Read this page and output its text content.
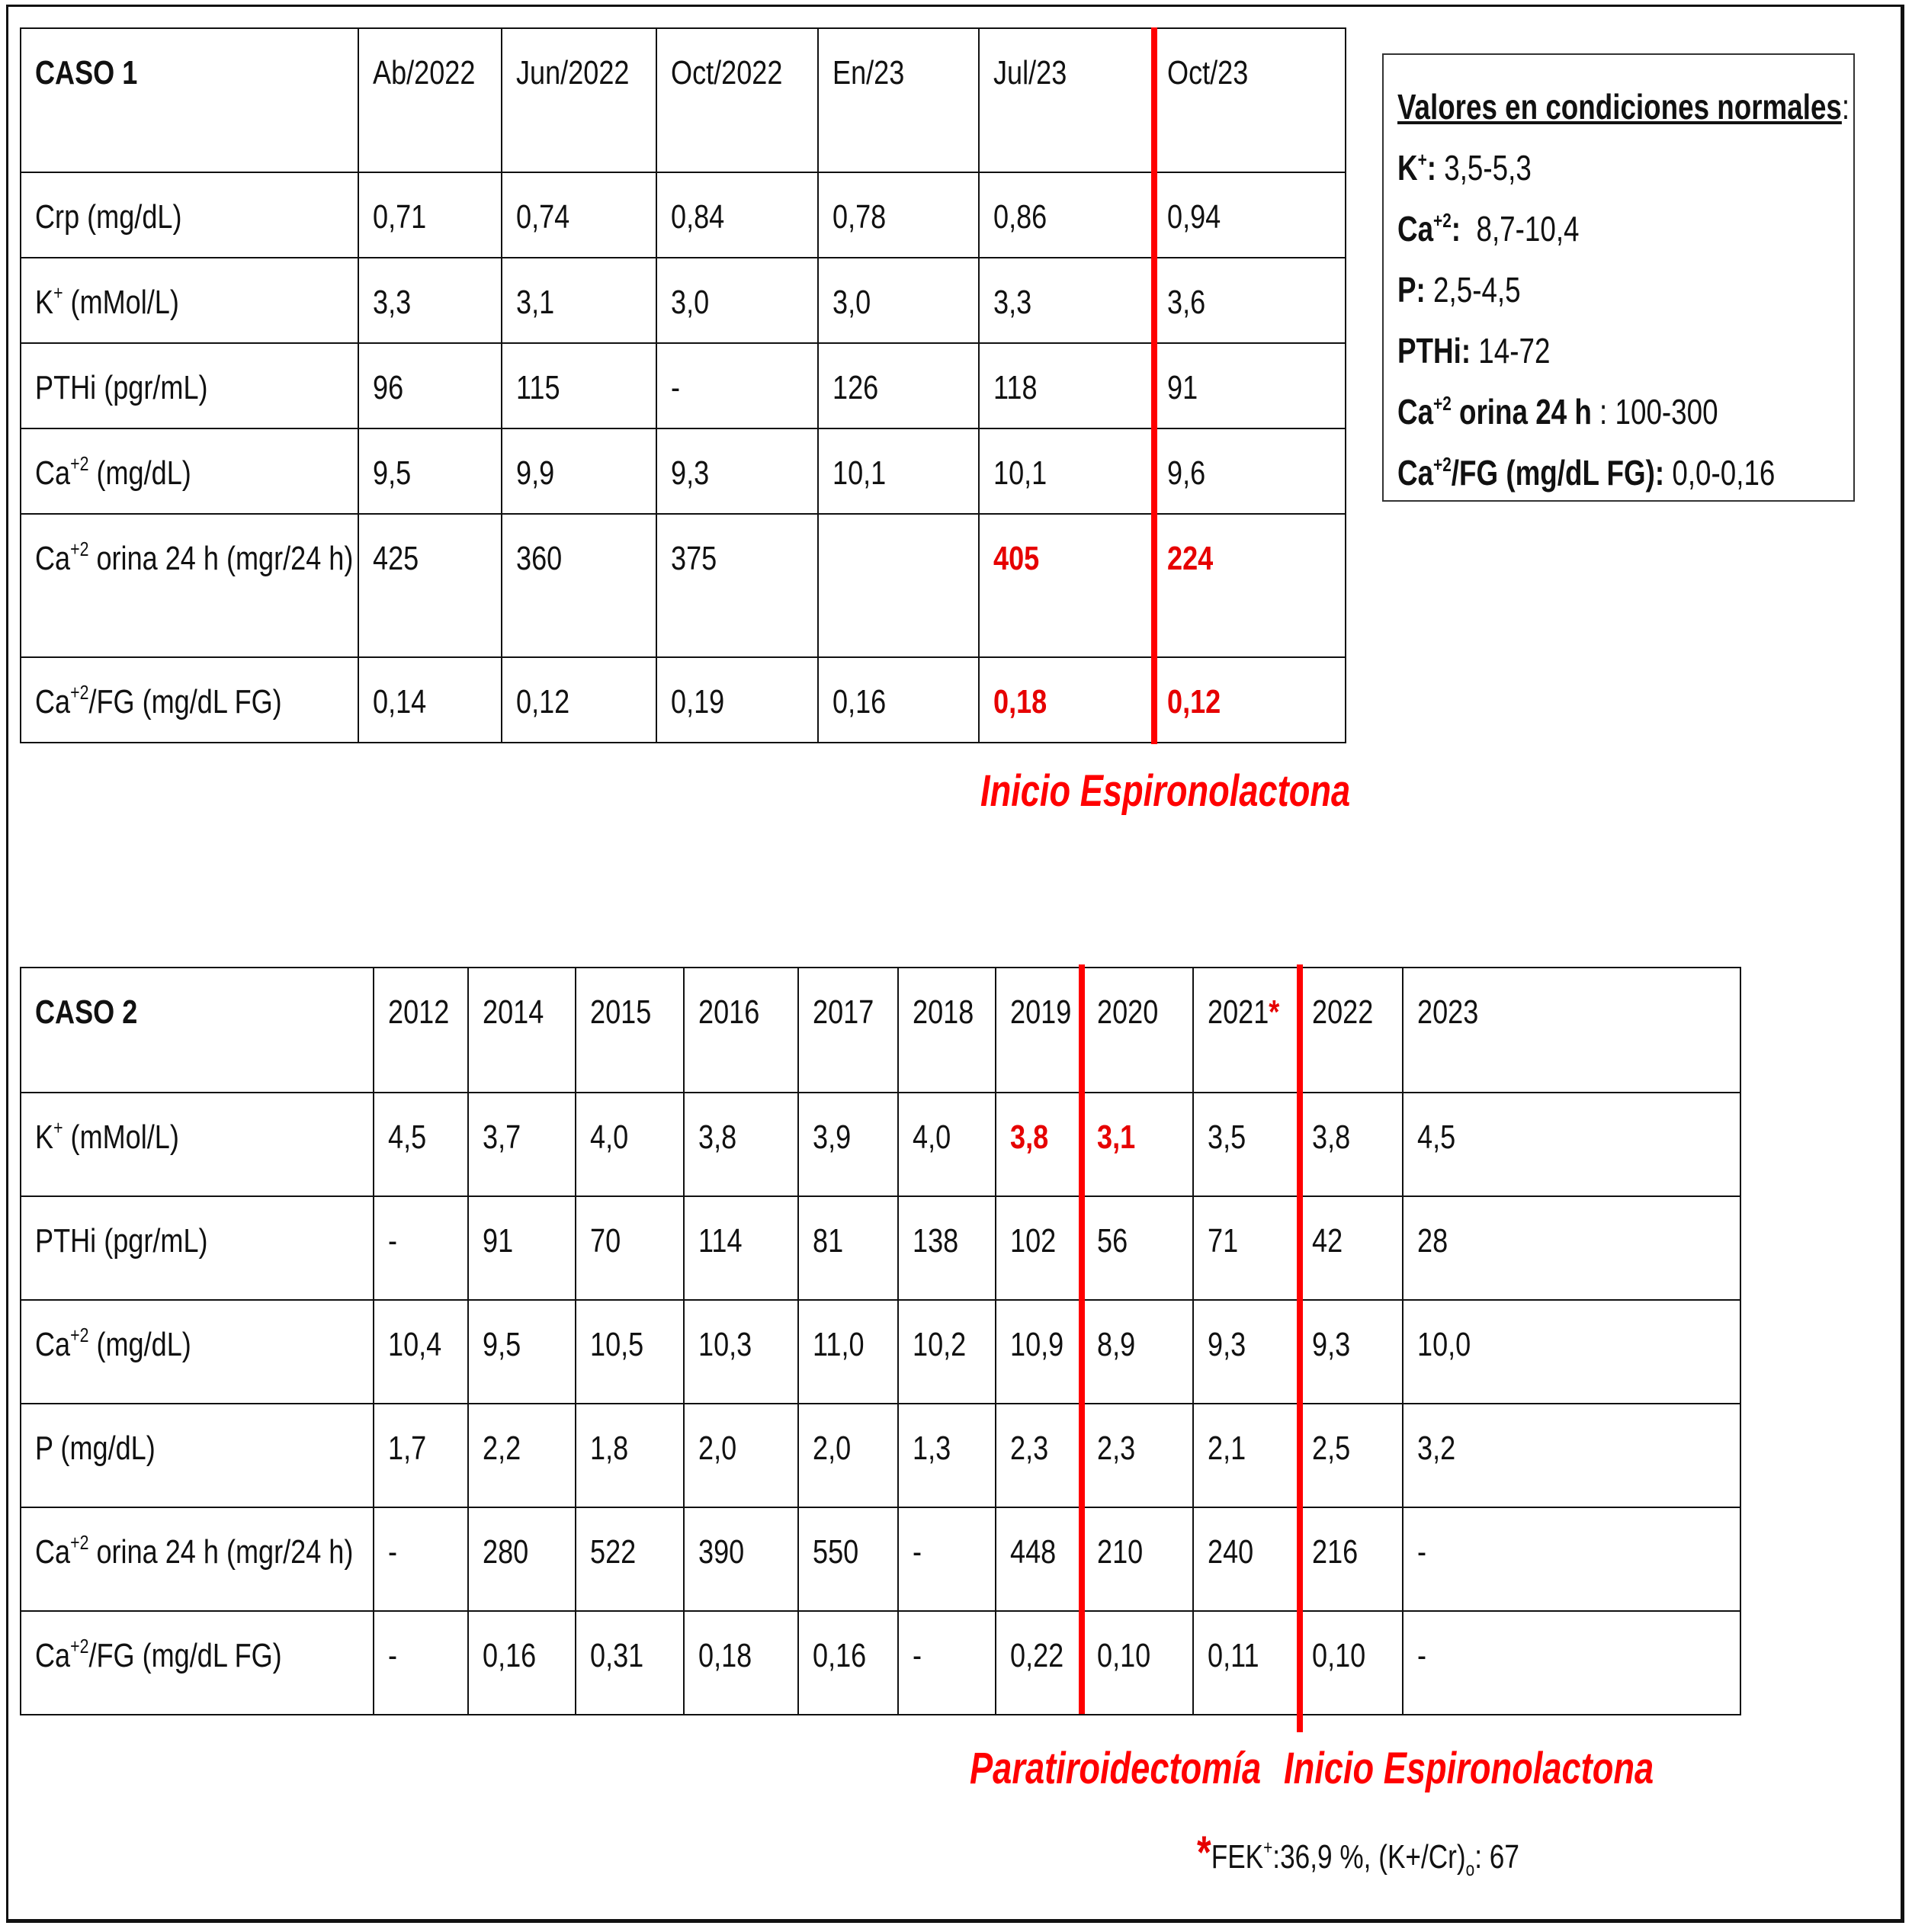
CASO 1	Ab/2022	Jun/2022	Oct/2022	En/23	Jul/23	Oct/23
Crp (mg/dL)	0,71	0,74	0,84	0,78	0,86	0,94
K+ (mMol/L)	3,3	3,1	3,0	3,0	3,3	3,6
PTHi (pgr/mL)	96	115	-	126	118	91
$Ca^{+2}$ (mg/dL)	9,5	9,9	9,3	10,1	10,1	9,6
$Ca^{+2}$ orina 24 h (mgr/24 h)	425	360	375		405	224
$Ca^{+2}/FG$ (mg/dL FG)	0,14	0,12	0,19	0,16	0,18	0,12
Inicio Espironolactona
Valores en condiciones normales:
K+: 3,5-5,3
$Ca^{+2}$:  8,7-10,4
P: 2,5-4,5
PTHi: 14-72
$Ca^{+2}$ orina 24 h : 100-300
$Ca^{+2}/FG$ (mg/dL FG): 0,0-0,16
CASO 2	2012	2014	2015	2016	2017	2018	2019	2020	2021*	2022	2023
K+ (mMol/L)	4,5	3,7	4,0	3,8	3,9	4,0	3,8	3,1	3,5	3,8	4,5
PTHi (pgr/mL)	-	91	70	114	81	138	102	56	71	42	28
$Ca^{+2}$ (mg/dL)	10,4	9,5	10,5	10,3	11,0	10,2	10,9	8,9	9,3	9,3	10,0
P (mg/dL)	1,7	2,2	1,8	2,0	2,0	1,3	2,3	2,3	2,1	2,5	3,2
$Ca^{+2}$ orina 24 h (mgr/24 h)	-	280	522	390	550	-	448	210	240	216	-
$Ca^{+2}/FG$ (mg/dL FG)	-	0,16	0,31	0,18	0,16	-	0,22	0,10	0,11	0,10	-
Paratiroidectomía Inicio Espironolactona
*FEK+:36,9 %, $(K+/Cr)_o$: 67
